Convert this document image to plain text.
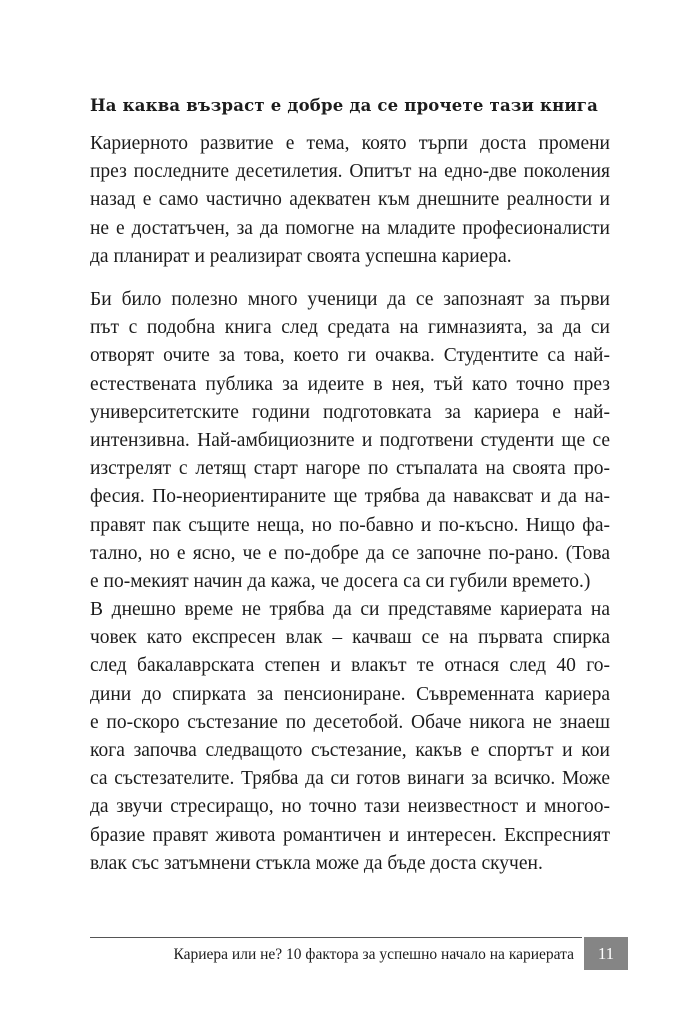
На каква възраст е добре да се прочете тази книга
Кариерното развитие е тема, която търпи доста промени
през последните десетилетия. Опитът на едно-две поколения
назад е само частично адекватен към днешните реалности и
не е достатъчен, за да помогне на младите професионалисти
да планират и реализират своята успешна кариера.
Би било полезно много ученици да се запознаят за първи
път с подобна книга след средата на гимназията, за да си
отворят очите за това, което ги очаква. Студентите са най-
естествената публика за идеите в нея, тъй като точно през
университетските години подготовката за кариера е най-
интензивна. Най-амбициозните и подготвени студенти ще се
изстрелят с летящ старт нагоре по стъпалата на своята про-
фесия. По-неориентираните ще трябва да наваксват и да на-
правят пак същите неща, но по-бавно и по-късно. Нищо фа-
тално, но е ясно, че е по-добре да се започне по-рано. (Това
е по-мекият начин да кажа, че досега са си губили времето.)
В днешно време не трябва да си представяме кариерата на
човек като експресен влак – качваш се на първата спирка
след бакалаврската степен и влакът те отнася след 40 го-
дини до спирката за пенсиониране. Съвременната кариера
е по-скоро състезание по десетобой. Обаче никога не знаеш
кога започва следващото състезание, какъв е спортът и кои
са състезателите. Трябва да си готов винаги за всичко. Може
да звучи стресиращо, но точно тази неизвестност и многоо-
бразие правят живота романтичен и интересен. Експресният
влак със затъмнени стъкла може да бъде доста скучен.
Кариера или не? 10 фактора за успешно начало на кариерата	11
